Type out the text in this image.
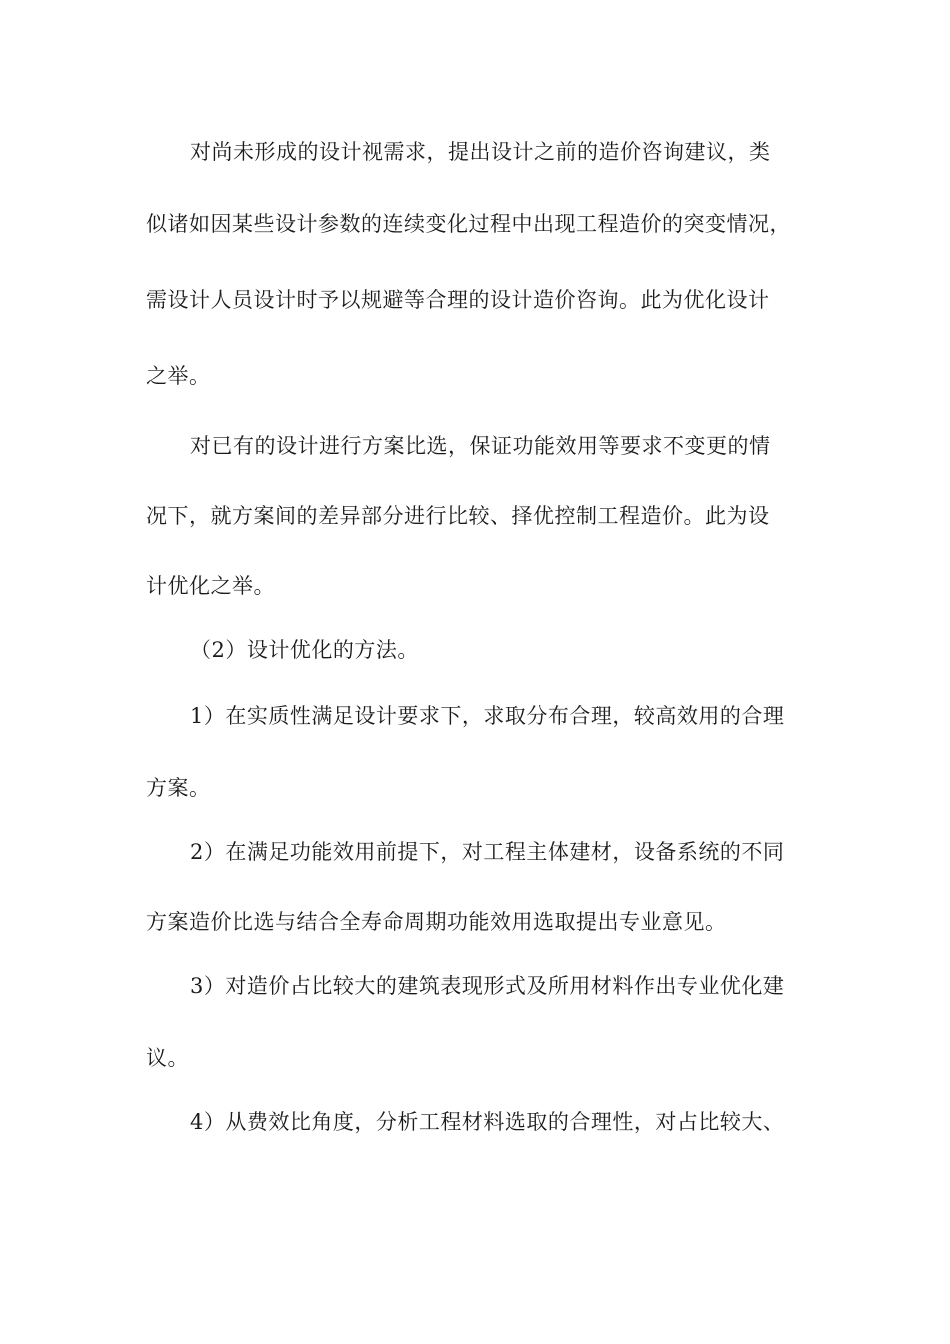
对尚未形成的设计视需求，提出设计之前的造价咨询建议，类
似诸如因某些设计参数的连续变化过程中出现工程造价的突变情况，
需设计人员设计时予以规避等合理的设计造价咨询。此为优化设计
之举。
对已有的设计进行方案比选，保证功能效用等要求不变更的情
况下，就方案间的差异部分进行比较、择优控制工程造价。此为设
计优化之举。
（2）设计优化的方法。
1）在实质性满足设计要求下，求取分布合理，较高效用的合理
方案。
2）在满足功能效用前提下，对工程主体建材，设备系统的不同
方案造价比选与结合全寿命周期功能效用选取提出专业意见。
3）对造价占比较大的建筑表现形式及所用材料作出专业优化建
议。
4）从费效比角度，分析工程材料选取的合理性，对占比较大、
